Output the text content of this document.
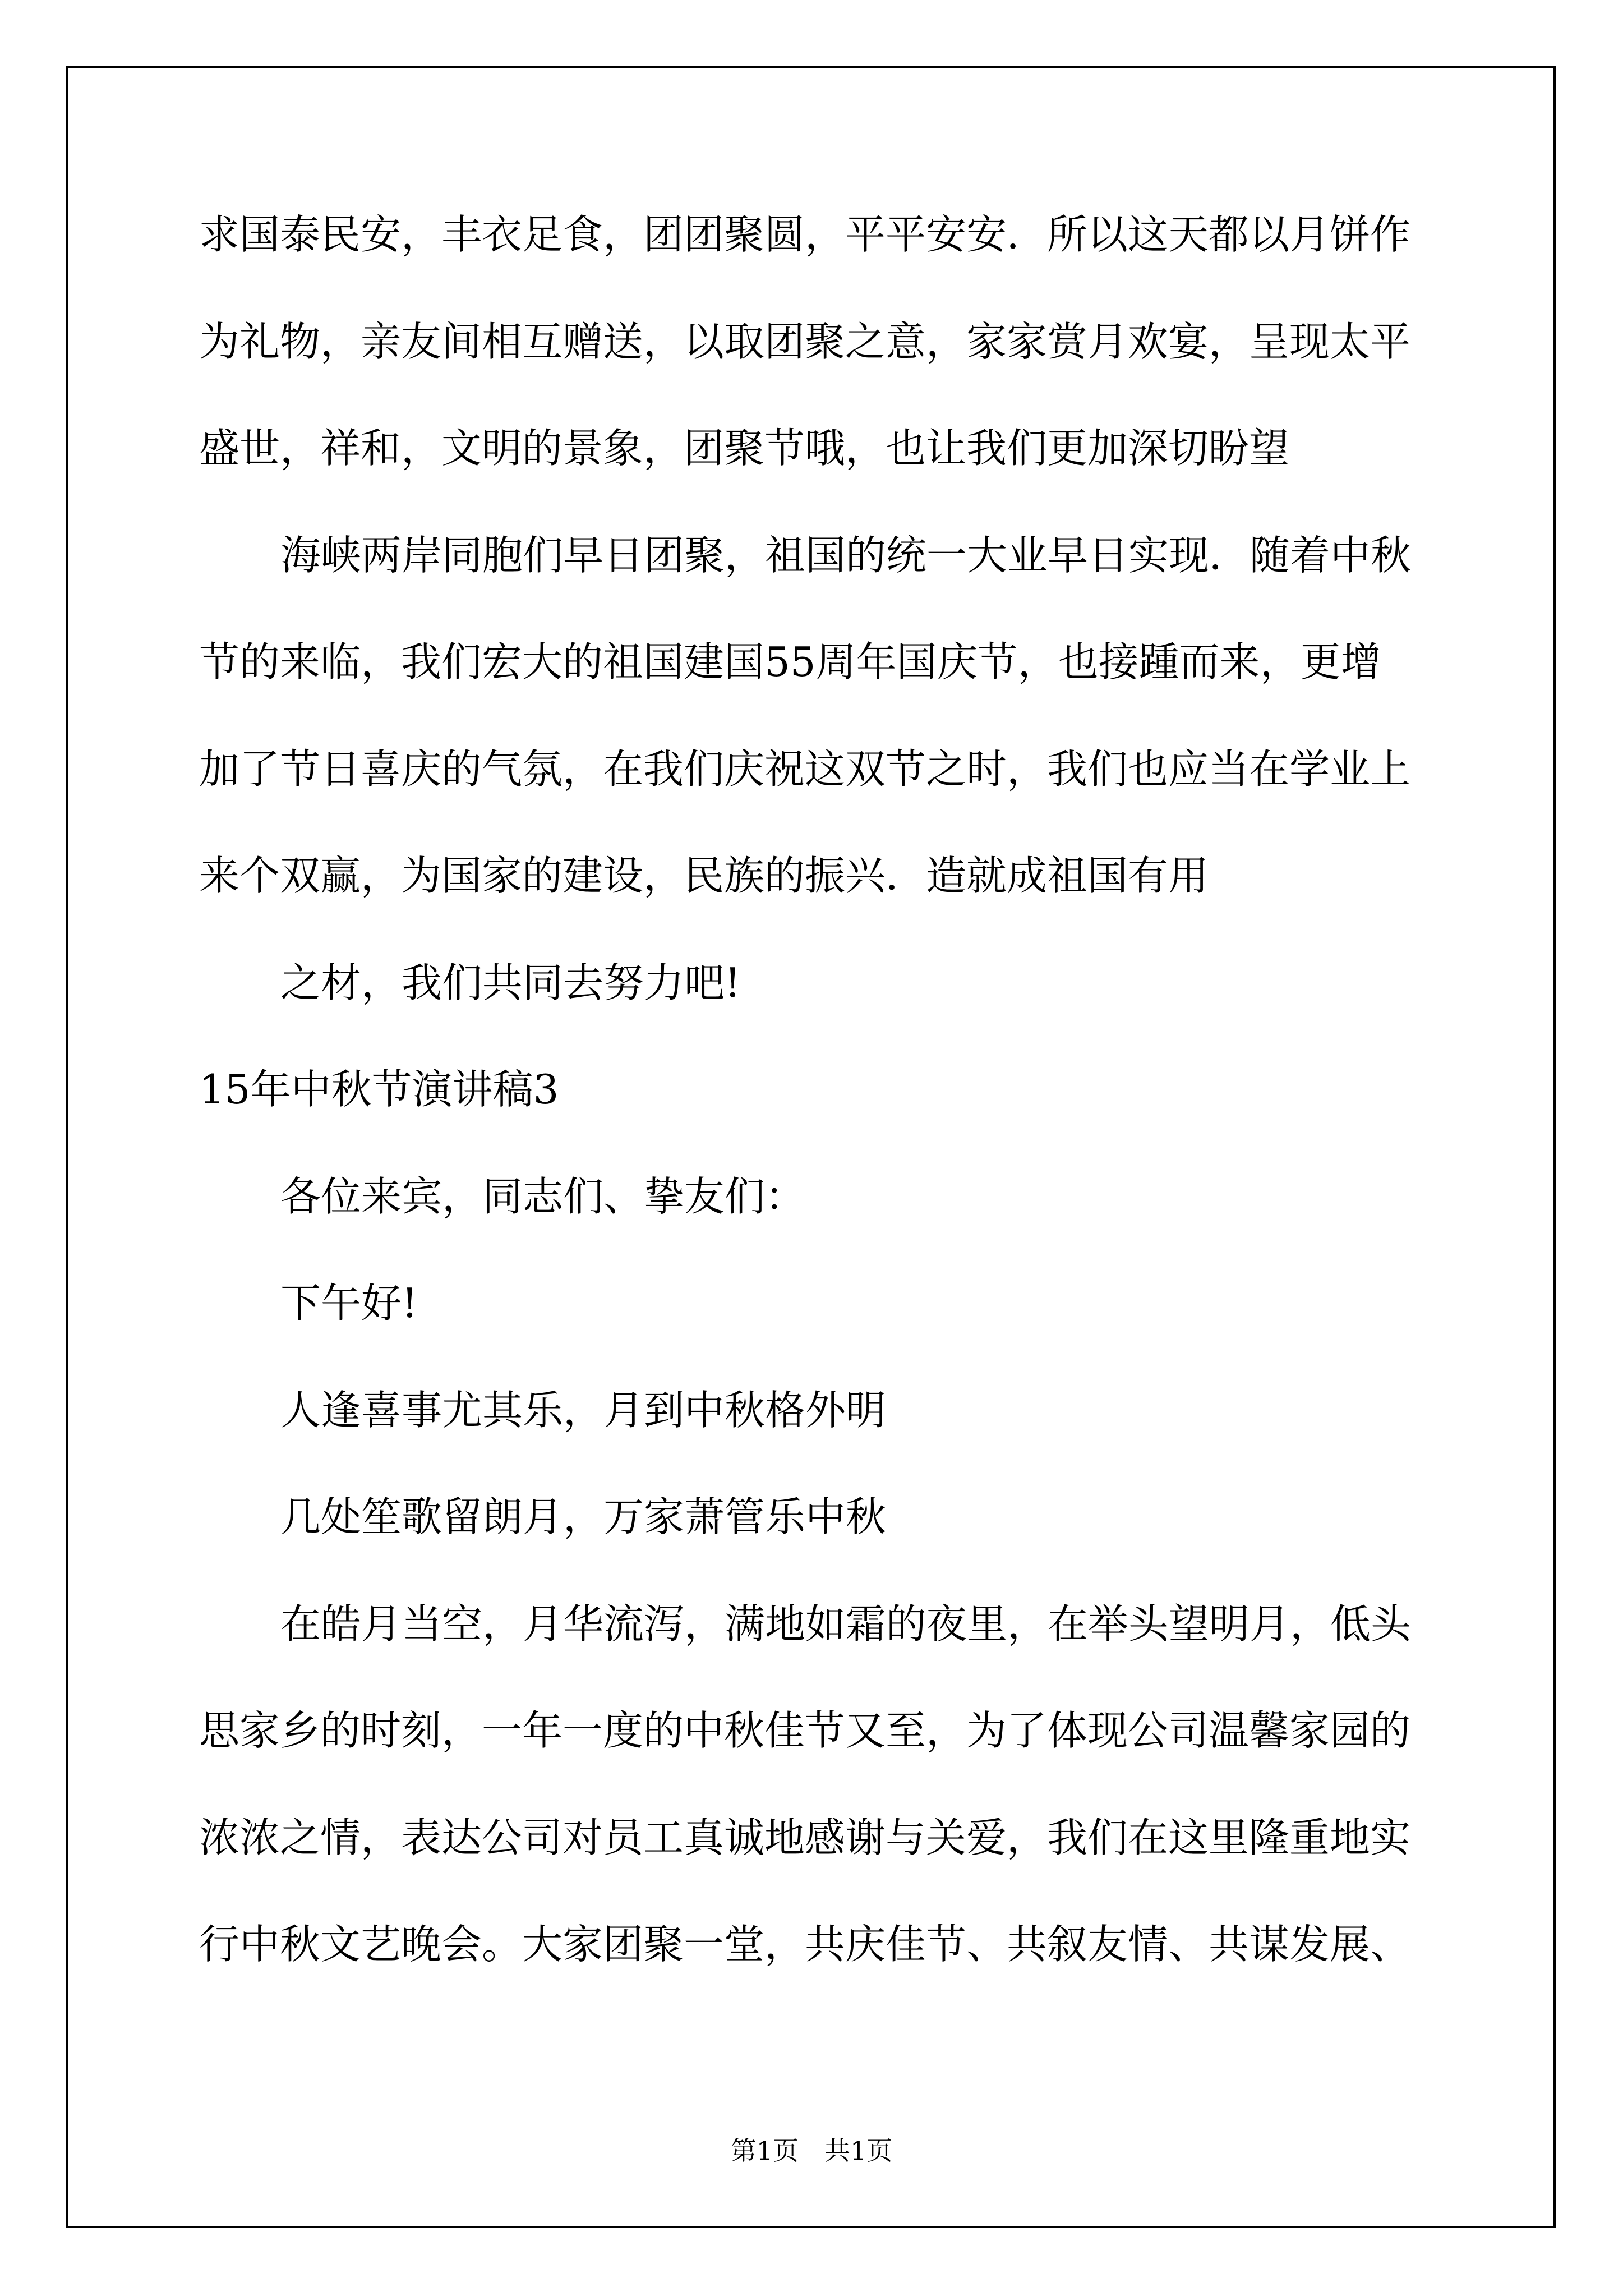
求国泰民安，丰衣足食，团团聚圆，平平安安．所以这天都以月饼作
为礼物，亲友间相互赠送，以取团聚之意，家家赏月欢宴，呈现太平
盛世，祥和，文明的景象，团聚节哦，也让我们更加深切盼望
海峡两岸同胞们早日团聚，祖国的统一大业早日实现．随着中秋
节的来临，我们宏大的祖国建国55周年国庆节，也接踵而来，更增
加了节日喜庆的气氛，在我们庆祝这双节之时，我们也应当在学业上
来个双赢，为国家的建设，民族的振兴．造就成祖国有用
之材，我们共同去努力吧!
15年中秋节演讲稿3
各位来宾，同志们、挚友们：
下午好!
人逢喜事尤其乐，月到中秋格外明
几处笙歌留朗月，万家萧管乐中秋
在皓月当空，月华流泻，满地如霜的夜里，在举头望明月，低头
思家乡的时刻，一年一度的中秋佳节又至，为了体现公司温馨家园的
浓浓之情，表达公司对员工真诚地感谢与关爱，我们在这里隆重地实
行中秋文艺晚会。大家团聚一堂，共庆佳节、共叙友情、共谋发展、
第1页　共1页
